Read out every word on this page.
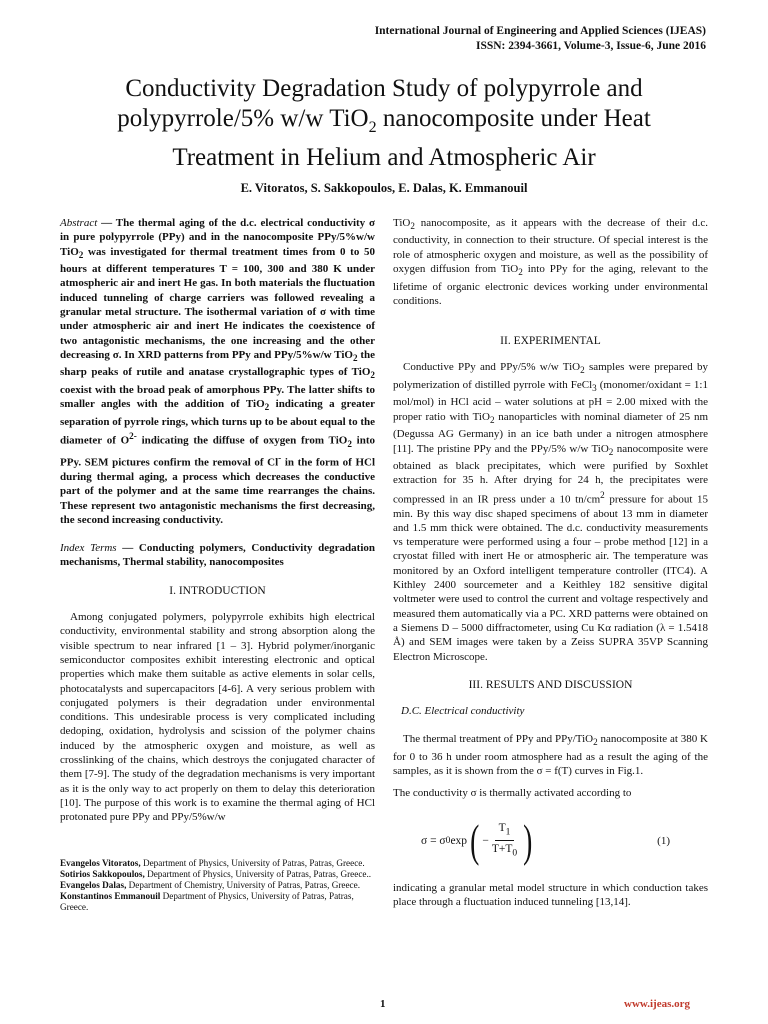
International Journal of Engineering and Applied Sciences (IJEAS)
ISSN: 2394-3661, Volume-3, Issue-6, June 2016
Conductivity Degradation Study of polypyrrole and
polypyrrole/5% w/w TiO$_2$ nanocomposite under Heat
Treatment in Helium and Atmospheric Air
E. Vitoratos, S. Sakkopoulos, E. Dalas, K. Emmanouil

Abstract — The thermal aging of the d.c. electrical conductivity σ in pure polypyrrole (PPy) and in the nanocomposite PPy/5%w/w TiO$_2$ was investigated for thermal treatment times from 0 to 50 hours at different temperatures T = 100, 300 and 380 K under atmospheric air and inert He gas. In both materials the fluctuation induced tunneling of charge carriers was followed revealing a granular metal structure. The isothermal variation of σ with time under atmospheric air and inert He indicates the coexistence of two antagonistic mechanisms, the one increasing and the other decreasing σ. In XRD patterns from PPy and PPy/5%w/w TiO$_2$ the sharp peaks of rutile and anatase crystallographic types of TiO$_2$ coexist with the broad peak of amorphous PPy. The latter shifts to smaller angles with the addition of TiO$_2$ indicating a greater separation of pyrrole rings, which turns up to be about equal to the diameter of $O^{2-}$ indicating the diffuse of oxygen from TiO$_2$ into PPy. SEM pictures confirm the removal of Cl- in the form of HCl during thermal aging, a process which decreases the conductive part of the polymer and at the same time rearranges the chains. These represent two antagonistic mechanisms the first decreasing, the second increasing conductivity.

Index Terms — Conducting polymers, Conductivity degradation mechanisms, Thermal stability, nanocomposites

I. INTRODUCTION

Among conjugated polymers, polypyrrole exhibits high electrical conductivity, environmental stability and strong absorption along the visible spectrum to near infrared [1 – 3]. Hybrid polymer/inorganic semiconductor composites exhibit interesting electronic and optical properties which make them suitable as active elements in solar cells, photocatalysts and supercapacitors [4-6]. A very serious problem with conjugated polymers is their degradation under environmental conditions. This undesirable process is very complicated including dedoping, oxidation, hydrolysis and scission of the polymer chains induced by the atmospheric oxygen and moisture, as well as crosslinking of the chains, which destroys the conjugated character of them [7-9]. The study of the degradation mechanisms is very important as it is the only way to act properly on them to delay this deterioration [10]. The purpose of this work is to examine the thermal aging of HCl protonated pure PPy and PPy/5%w/w

Evangelos Vitoratos, Department of Physics, University of Patras, Patras, Greece.

Sotirios Sakkopoulos, Department of Physics, University of Patras, Patras, Greece..

Evangelos Dalas, Department of Chemistry, University of Patras, Patras, Greece.

Konstantinos Emmanouil Department of Physics, University of Patras, Patras, Greece.

TiO$_2$ nanocomposite, as it appears with the decrease of their d.c. conductivity, in connection to their structure. Of special interest is the role of atmospheric oxygen and moisture, as well as the possibility of oxygen diffusion from TiO$_2$ into PPy for the aging, relevant to the lifetime of organic electronic devices working under environmental conditions.

II. EXPERIMENTAL

Conductive PPy and PPy/5% w/w TiO$_2$ samples were prepared by polymerization of distilled pyrrole with FeCl$_3$ (monomer/oxidant = 1:1 mol/mol) in HCl acid – water solutions at pH = 2.00 mixed with the proper ratio with TiO$_2$ nanoparticles with nominal diameter of 25 nm (Degussa AG Germany) in an ice bath under a nitrogen atmosphere [11]. The pristine PPy and the PPy/5% w/w TiO$_2$ nanocomposite were obtained as black precipitates, which were purified by Soxhlet extraction for 35 h. After drying for 24 h, the precipitates were compressed in an IR press under a 10 $tn/cm^2$ pressure for about 15 min. By this way disc shaped specimens of about 13 mm in diameter and 1.5 mm thick were obtained. The d.c. conductivity measurements vs temperature were performed using a four – probe method [12] in a cryostat filled with inert He or atmospheric air. The temperature was monitored by an Oxford intelligent temperature controller (ITC4). A Kithley 2400 sourcemeter and a Keithley 182 sensitive digital voltmeter were used to control the current and voltage respectively and measured them automatically via a PC. XRD patterns were obtained on a Siemens D – 5000 diffractometer, using Cu Kα radiation (λ = 1.5418 Å) and SEM images were taken by a Zeiss SUPRA 35VP Scanning Electron Microscope.

III. RESULTS AND DISCUSSION
D.C. Electrical conductivity

The thermal treatment of PPy and PPy/TiO$_2$ nanocomposite at 380 K for 0 to 36 h under room atmosphere had as a result the aging of the samples, as it is shown from the σ = f(T) curves in Fig.1.

The conductivity σ is thermally activated according to

σ = σ 0 exp ( − $\frac{T_1}{T+T_0}$ )	(1)

indicating a granular metal model structure in which conduction takes place through a fluctuation induced tunneling [13,14].

1	www.ijeas.org
